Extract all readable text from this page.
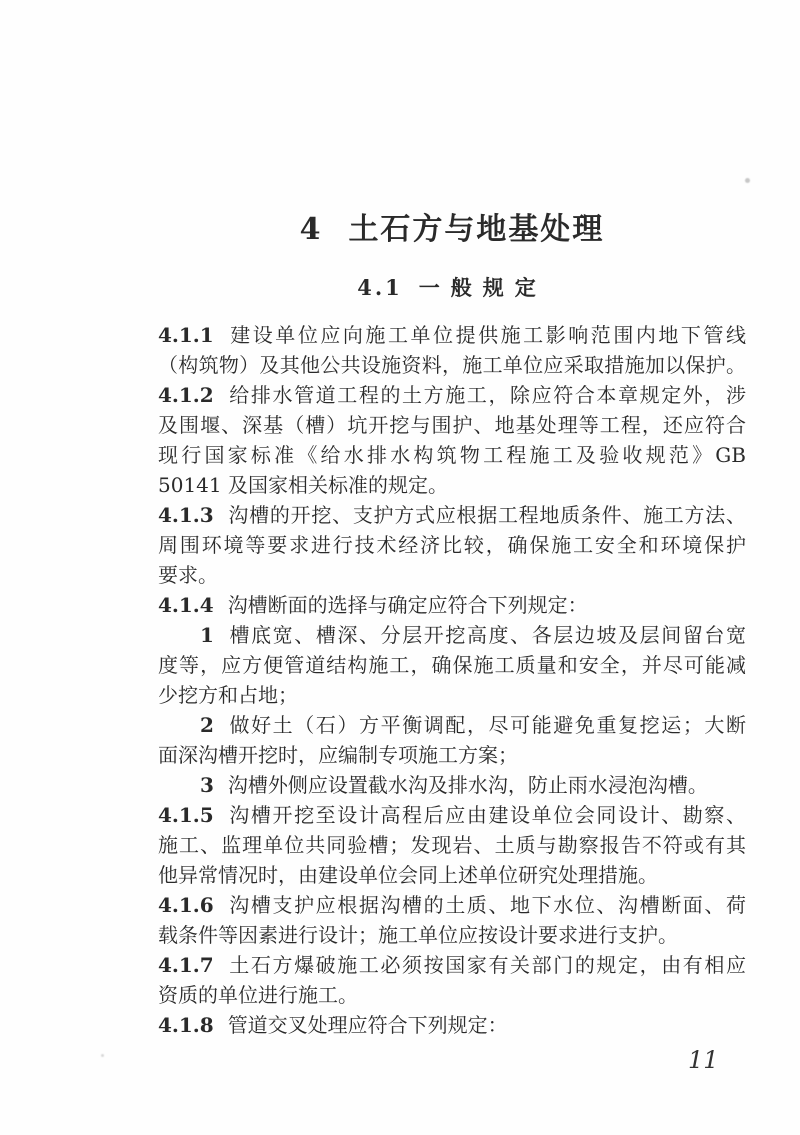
4 土石方与地基处理
4.1 一般规定
4.1.1 建设单位应向施工单位提供施工影响范围内地下管线
（构筑物）及其他公共设施资料，施工单位应采取措施加以保护。
4.1.2 给排水管道工程的土方施工，除应符合本章规定外，涉
及围堰、深基（槽）坑开挖与围护、地基处理等工程，还应符合
现行国家标准《给水排水构筑物工程施工及验收规范》GB
50141 及国家相关标准的规定。
4.1.3 沟槽的开挖、支护方式应根据工程地质条件、施工方法、
周围环境等要求进行技术经济比较，确保施工安全和环境保护
要求。
4.1.4 沟槽断面的选择与确定应符合下列规定：
1 槽底宽、槽深、分层开挖高度、各层边坡及层间留台宽
度等，应方便管道结构施工，确保施工质量和安全，并尽可能减
少挖方和占地；
2 做好土（石）方平衡调配，尽可能避免重复挖运；大断
面深沟槽开挖时，应编制专项施工方案；
3 沟槽外侧应设置截水沟及排水沟，防止雨水浸泡沟槽。
4.1.5 沟槽开挖至设计高程后应由建设单位会同设计、勘察、
施工、监理单位共同验槽；发现岩、土质与勘察报告不符或有其
他异常情况时，由建设单位会同上述单位研究处理措施。
4.1.6 沟槽支护应根据沟槽的土质、地下水位、沟槽断面、荷
载条件等因素进行设计；施工单位应按设计要求进行支护。
4.1.7 土石方爆破施工必须按国家有关部门的规定，由有相应
资质的单位进行施工。
4.1.8 管道交叉处理应符合下列规定：
11
